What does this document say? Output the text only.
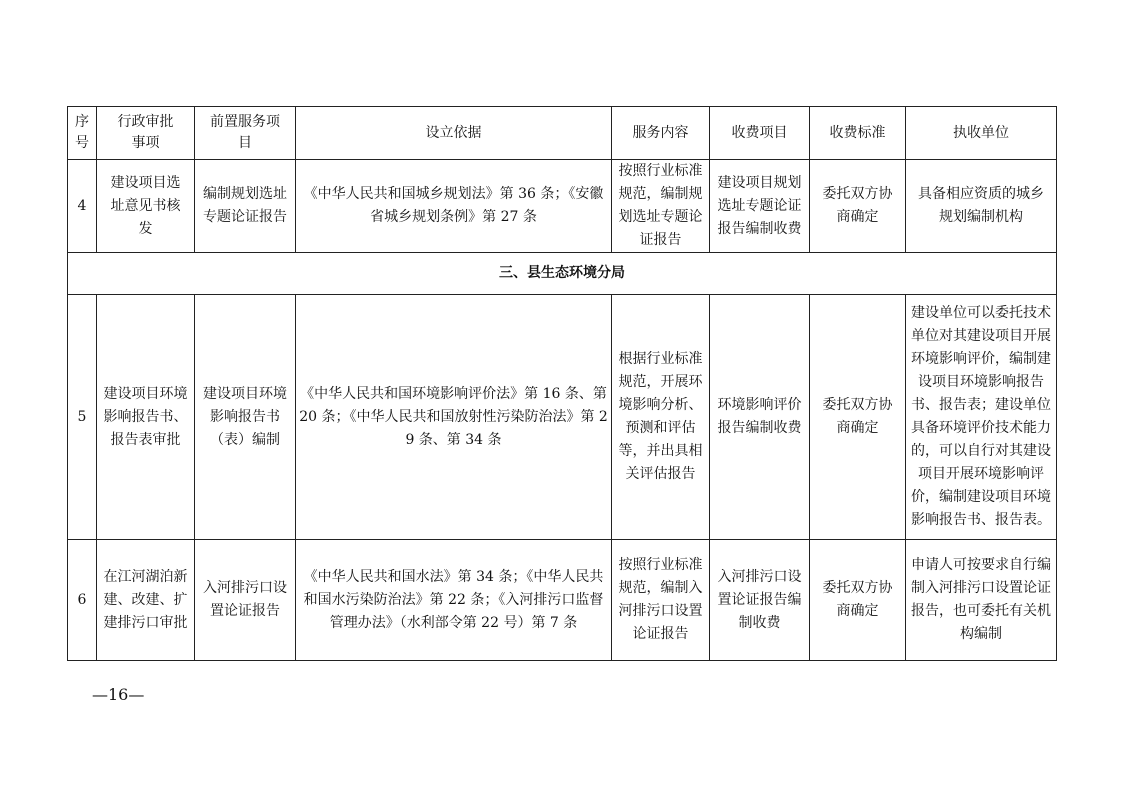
序号	行政审批事项	前置服务项目	设立依据	服务内容	收费项目	收费标准	执收单位
4	建设项目选址意见书核发	编制规划选址专题论证报告	《中华人民共和国城乡规划法》第 36 条；《安徽省城乡规划条例》第 27 条	按照行业标准规范，编制规划选址专题论证报告	建设项目规划选址专题论证报告编制收费	委托双方协商确定	具备相应资质的城乡规划编制机构
三、县生态环境分局							
5	建设项目环境影响报告书、报告表审批	建设项目环境影响报告书（表）编制	《中华人民共和国环境影响评价法》第 16 条、第 20 条；《中华人民共和国放射性污染防治法》第 29 条、第 34 条	根据行业标准规范，开展环境影响分析、预测和评估等，并出具相关评估报告	环境影响评价报告编制收费	委托双方协商确定	建设单位可以委托技术单位对其建设项目开展环境影响评价，编制建设项目环境影响报告书、报告表；建设单位具备环境评价技术能力的，可以自行对其建设项目开展环境影响评价，编制建设项目环境影响报告书、报告表。
6	在江河湖泊新建、改建、扩建排污口审批	入河排污口设置论证报告	《中华人民共和国水法》第 34 条；《中华人民共和国水污染防治法》第 22 条；《入河排污口监督管理办法》（水利部令第 22 号）第 7 条	按照行业标准规范，编制入河排污口设置论证报告	入河排污口设置论证报告编制收费	委托双方协商确定	申请人可按要求自行编制入河排污口设置论证报告，也可委托有关机构编制
—16—
